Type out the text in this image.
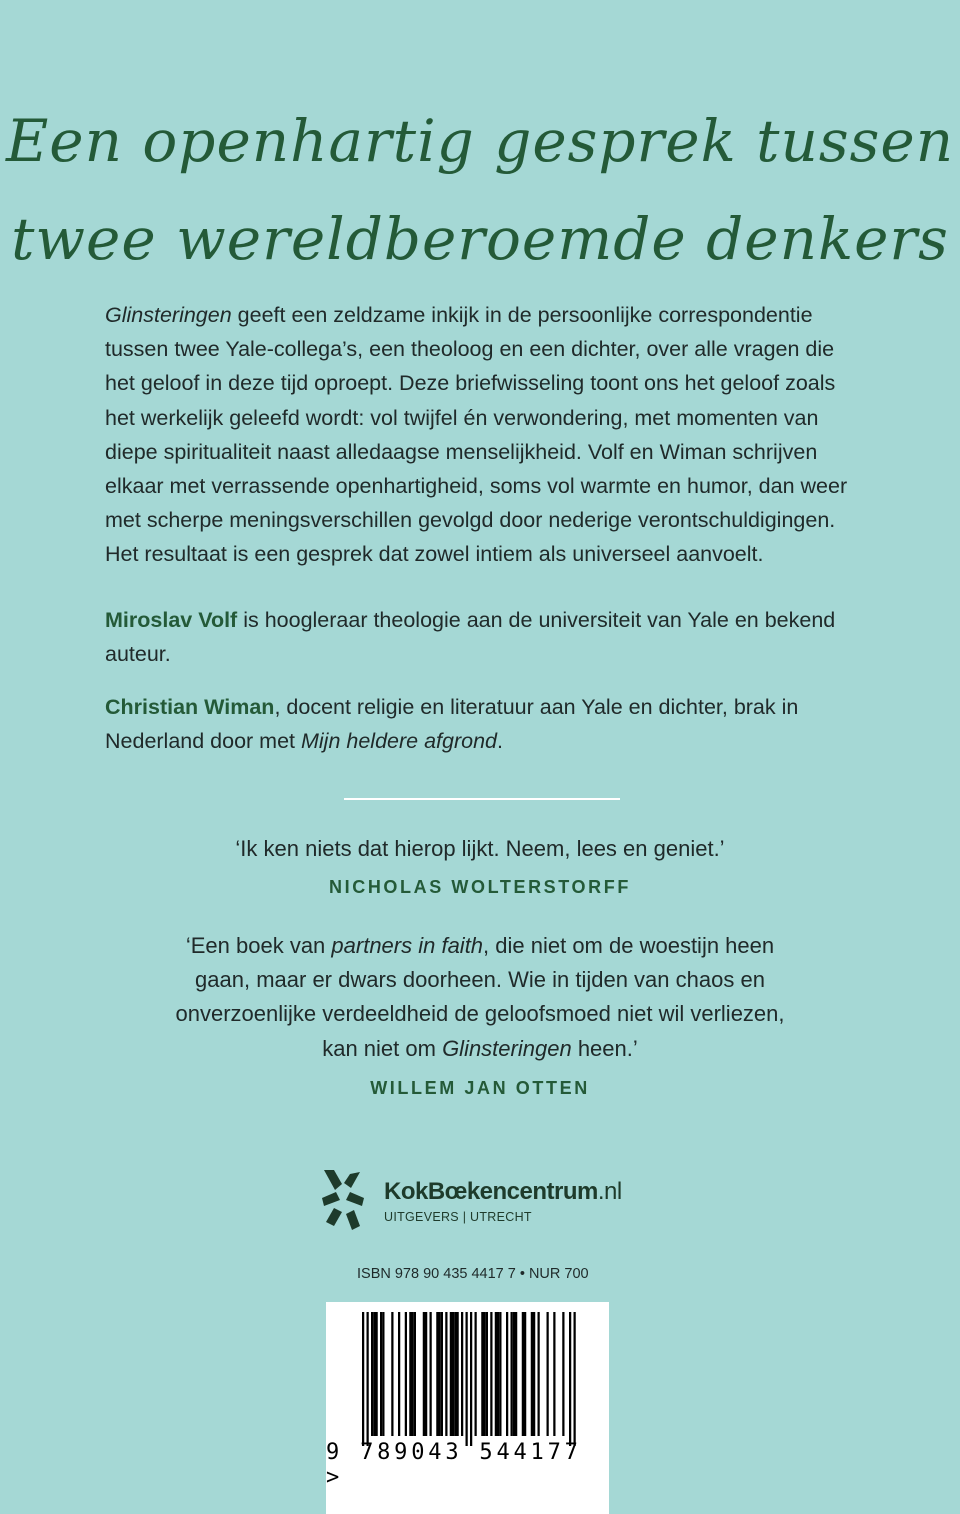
Een openhartig gesprek tussen
twee wereldberoemde denkers
Glinsteringen geeft een zeldzame inkijk in de persoonlijke correspondentie tussen twee Yale-collega’s, een theoloog en een dichter, over alle vragen die het geloof in deze tijd oproept. Deze briefwisseling toont ons het geloof zoals het werkelijk geleefd wordt: vol twijfel én verwondering, met momenten van diepe spiritualiteit naast alledaagse menselijkheid. Volf en Wiman schrijven elkaar met verrassende openhartigheid, soms vol warmte en humor, dan weer met scherpe meningsverschillen gevolgd door nederige verontschuldigingen. Het resultaat is een gesprek dat zowel intiem als universeel aanvoelt.
Miroslav Volf is hoogleraar theologie aan de universiteit van Yale en bekend auteur.
Christian Wiman, docent religie en literatuur aan Yale en dichter, brak in Nederland door met Mijn heldere afgrond.
‘Ik ken niets dat hierop lijkt. Neem, lees en geniet.’
NICHOLAS WOLTERSTORFF
‘Een boek van partners in faith, die niet om de woestijn heen
gaan, maar er dwars doorheen. Wie in tijden van chaos en
onverzoenlijke verdeeldheid de geloofsmoed niet wil verliezen,
kan niet om Glinsteringen heen.’
WILLEM JAN OTTEN
KokBœkencentrum.nl
UITGEVERS | UTRECHT
ISBN 978 90 435 4417 7 • NUR 700
9 789043 544177 >
